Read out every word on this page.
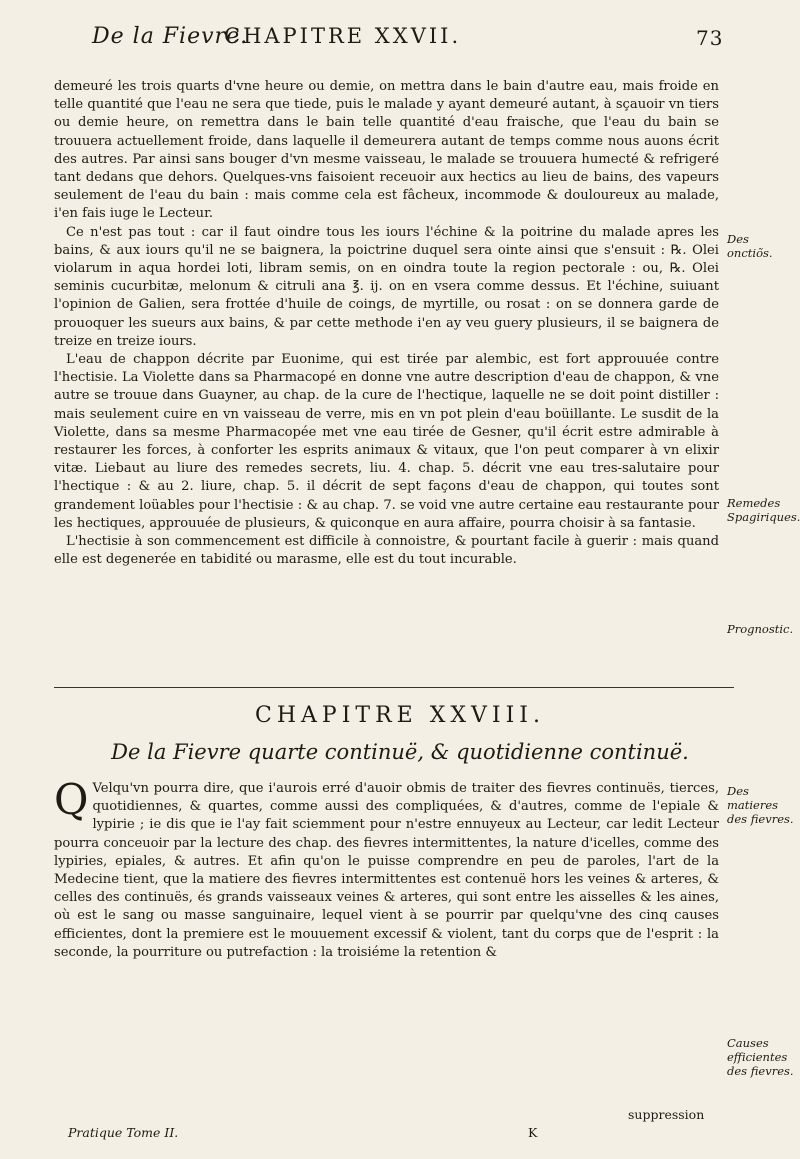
De la Fievre.
CHAPITRE XXVII.	73

demeuré les trois quarts d'vne heure ou demie, on mettra dans le bain d'autre eau, mais froide en telle quantité que l'eau ne sera que tiede, puis le malade y ayant demeuré autant, à sçauoir vn tiers ou demie heure, on remettra dans le bain telle quantité d'eau fraische, que l'eau du bain se trouuera actuellement froide, dans laquelle il demeurera autant de temps comme nous auons écrit des autres. Par ainsi sans bouger d'vn mesme vaisseau, le malade se trouuera humecté & refrigeré tant dedans que dehors. Quelques-vns faisoient receuoir aux hectics au lieu de bains, des vapeurs seulement de l'eau du bain : mais comme cela est fâcheux, incommode & douloureux au malade, i'en fais iuge le Lecteur.

Ce n'est pas tout : car il faut oindre tous les iours l'échine & la poitrine du malade apres les bains, & aux iours qu'il ne se baignera, la poictrine duquel sera ointe ainsi que s'ensuit : ℞. Olei violarum in aqua hordei loti, libram semis, on en oindra toute la region pectorale : ou, ℞. Olei seminis cucurbitæ, melonum & citruli ana ℥. ij. on en vsera comme dessus. Et l'échine, suiuant l'opinion de Galien, sera frottée d'huile de coings, de myrtille, ou rosat : on se donnera garde de prouoquer les sueurs aux bains, & par cette methode i'en ay veu guery plusieurs, il se baignera de treize en treize iours.

L'eau de chappon décrite par Euonime, qui est tirée par alembic, est fort approuuée contre l'hectisie. La Violette dans sa Pharmacopé en donne vne autre description d'eau de chappon, & vne autre se trouue dans Guayner, au chap. de la cure de l'hectique, laquelle ne se doit point distiller : mais seulement cuire en vn vaisseau de verre, mis en vn pot plein d'eau boüillante. Le susdit de la Violette, dans sa mesme Pharmacopée met vne eau tirée de Gesner, qu'il écrit estre admirable à restaurer les forces, à conforter les esprits animaux & vitaux, que l'on peut comparer à vn elixir vitæ. Liebaut au liure des remedes secrets, liu. 4. chap. 5. décrit vne eau tres-salutaire pour l'hectique : & au 2. liure, chap. 5. il décrit de sept façons d'eau de chappon, qui toutes sont grandement loüables pour l'hectisie : & au chap. 7. se void vne autre certaine eau restaurante pour les hectiques, approuuée de plusieurs, & quiconque en aura affaire, pourra choisir à sa fantasie.

L'hectisie à son commencement est difficile à connoistre, & pourtant facile à guerir : mais quand elle est degenerée en tabidité ou marasme, elle est du tout incurable.

Des onctiõs.
Remedes Spagiriques.
Prognostic.
CHAPITRE XXVIII.
De la Fievre quarte continuë, & quotidienne continuë.

Q Velqu'vn pourra dire, que i'aurois erré d'auoir obmis de traiter des fievres continuës, tierces, quotidiennes, & quartes, comme aussi des compliquées, & d'autres, comme de l'epiale & lypirie ; ie dis que ie l'ay fait sciemment pour n'estre ennuyeux au Lecteur, car ledit Lecteur pourra conceuoir par la lecture des chap. des fievres intermittentes, la nature d'icelles, comme des lypiries, epiales, & autres. Et afin qu'on le puisse comprendre en peu de paroles, l'art de la Medecine tient, que la matiere des fievres intermittentes est contenuë hors les veines & arteres, & celles des continuës, és grands vaisseaux veines & arteres, qui sont entre les aisselles & les aines, où est le sang ou masse sanguinaire, lequel vient à se pourrir par quelqu'vne des cinq causes efficientes, dont la premiere est le mouuement excessif & violent, tant du corps que de l'esprit : la seconde, la pourriture ou putrefaction : la troisiéme la retention &

Des matieres des fievres.
Causes efficientes des fievres.
Pratique Tome II.	K
suppression
